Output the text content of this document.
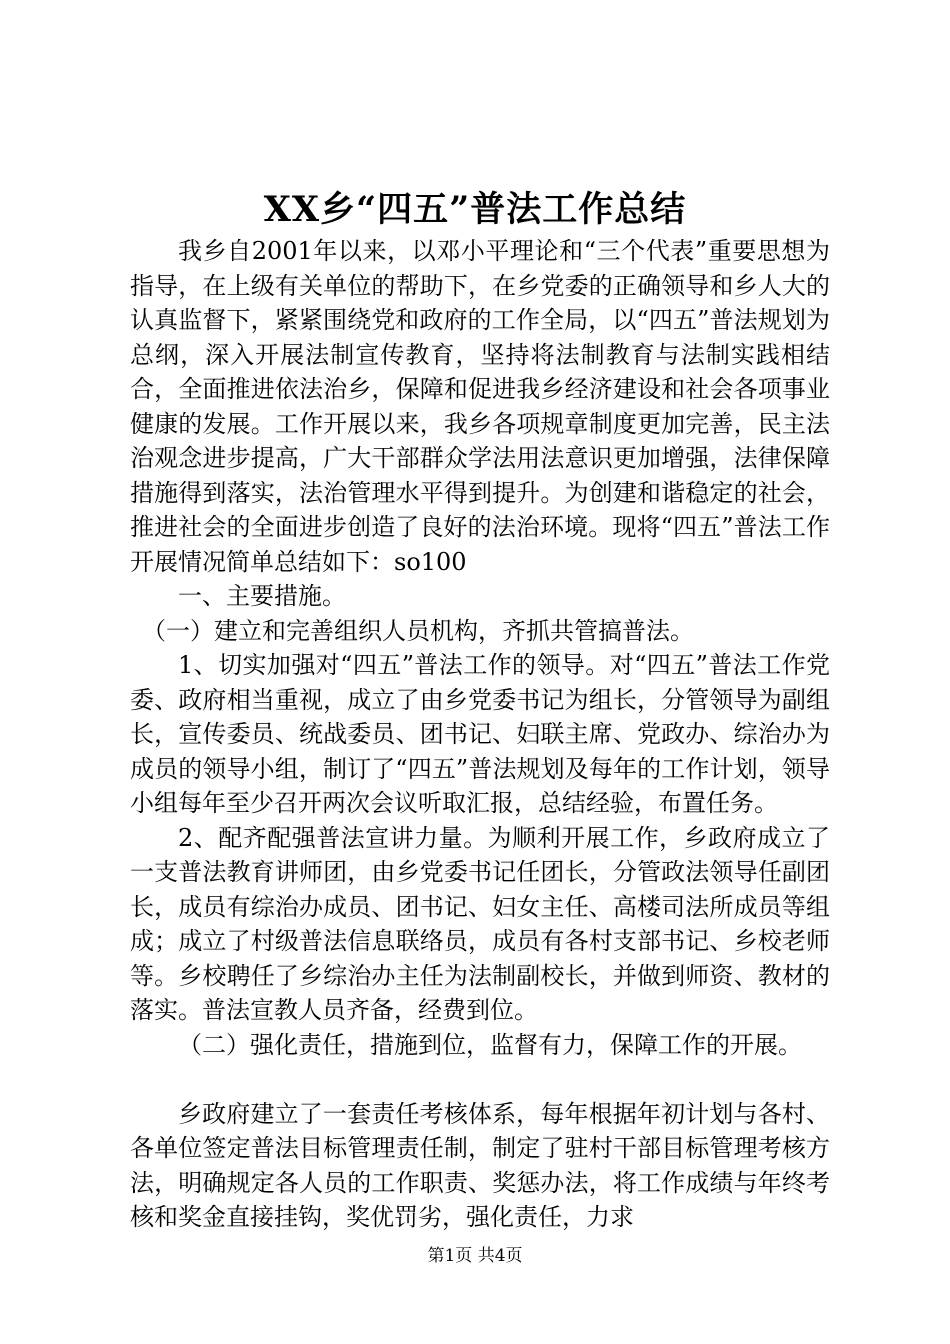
XX乡“四五”普法工作总结

我乡自2001年以来，以邓小平理论和“三个代表”重要思想为指导，在上级有关单位的帮助下，在乡党委的正确领导和乡人大的认真监督下，紧紧围绕党和政府的工作全局，以“四五”普法规划为总纲，深入开展法制宣传教育，坚持将法制教育与法制实践相结合，全面推进依法治乡，保障和促进我乡经济建设和社会各项事业健康的发展。工作开展以来，我乡各项规章制度更加完善，民主法治观念进步提高，广大干部群众学法用法意识更加增强，法律保障措施得到落实，法治管理水平得到提升。为创建和谐稳定的社会，推进社会的全面进步创造了良好的法治环境。现将“四五”普法工作开展情况简单总结如下：so100

一、主要措施。

（一）建立和完善组织人员机构，齐抓共管搞普法。

1、切实加强对“四五”普法工作的领导。对“四五”普法工作党委、政府相当重视，成立了由乡党委书记为组长，分管领导为副组长，宣传委员、统战委员、团书记、妇联主席、党政办、综治办为成员的领导小组，制订了“四五”普法规划及每年的工作计划，领导小组每年至少召开两次会议听取汇报，总结经验，布置任务。

2、配齐配强普法宣讲力量。为顺利开展工作，乡政府成立了一支普法教育讲师团，由乡党委书记任团长，分管政法领导任副团长，成员有综治办成员、团书记、妇女主任、高楼司法所成员等组成；成立了村级普法信息联络员，成员有各村支部书记、乡校老师等。乡校聘任了乡综治办主任为法制副校长，并做到师资、教材的落实。普法宣教人员齐备，经费到位。

（二）强化责任，措施到位，监督有力，保障工作的开展。

乡政府建立了一套责任考核体系，每年根据年初计划与各村、各单位签定普法目标管理责任制，制定了驻村干部目标管理考核方法，明确规定各人员的工作职责、奖惩办法，将工作成绩与年终考核和奖金直接挂钩，奖优罚劣，强化责任，力求

第1页 共4页
